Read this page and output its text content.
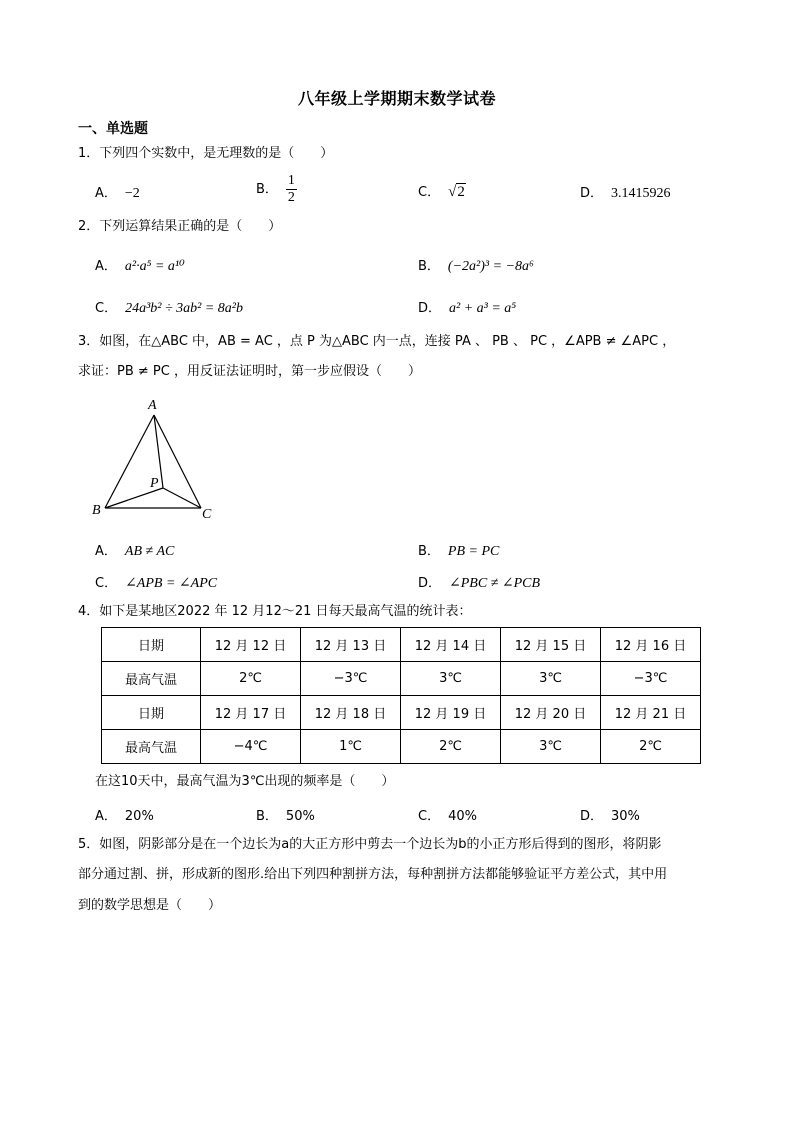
八年级上学期期末数学试卷
一、单选题
1．下列四个实数中，是无理数的是（　　）
A． −2	B． $\frac{1}{2}$	C． √2	D． 3.1415926
2．下列运算结果正确的是（　　）
A． a²·a⁵ = a¹⁰	B． (−2a²)³ = −8a⁶
C． 24a³b² ÷ 3ab² = 8a²b	D． a² + a³ = a⁵
3．如图，在△ABC 中，AB = AC ，点 P 为△ABC 内一点，连接 PA 、 PB 、 PC ，∠APB ≠ ∠APC ，
求证：PB ≠ PC ，用反证法证明时，第一步应假设（　　）
A
B	C
P
A． AB ≠ AC	B． PB = PC
C． ∠APB = ∠APC	D． ∠PBC ≠ ∠PCB
4．如下是某地区2022 年 12 月12～21 日每天最高气温的统计表：
日期	12 月 12 日	12 月 13 日	12 月 14 日	12 月 15 日	12 月 16 日
最高气温	2℃	−3℃	3℃	3℃	−3℃
日期	12 月 17 日	12 月 18 日	12 月 19 日	12 月 20 日	12 月 21 日
最高气温	−4℃	1℃	2℃	3℃	2℃
在这10天中，最高气温为3℃出现的频率是（　　）
A． 20%	B． 50%	C． 40%	D． 30%
5．如图，阴影部分是在一个边长为a的大正方形中剪去一个边长为b的小正方形后得到的图形，将阴影
部分通过割、拼，形成新的图形.给出下列四种割拼方法，每种割拼方法都能够验证平方差公式，其中用
到的数学思想是（　　）
